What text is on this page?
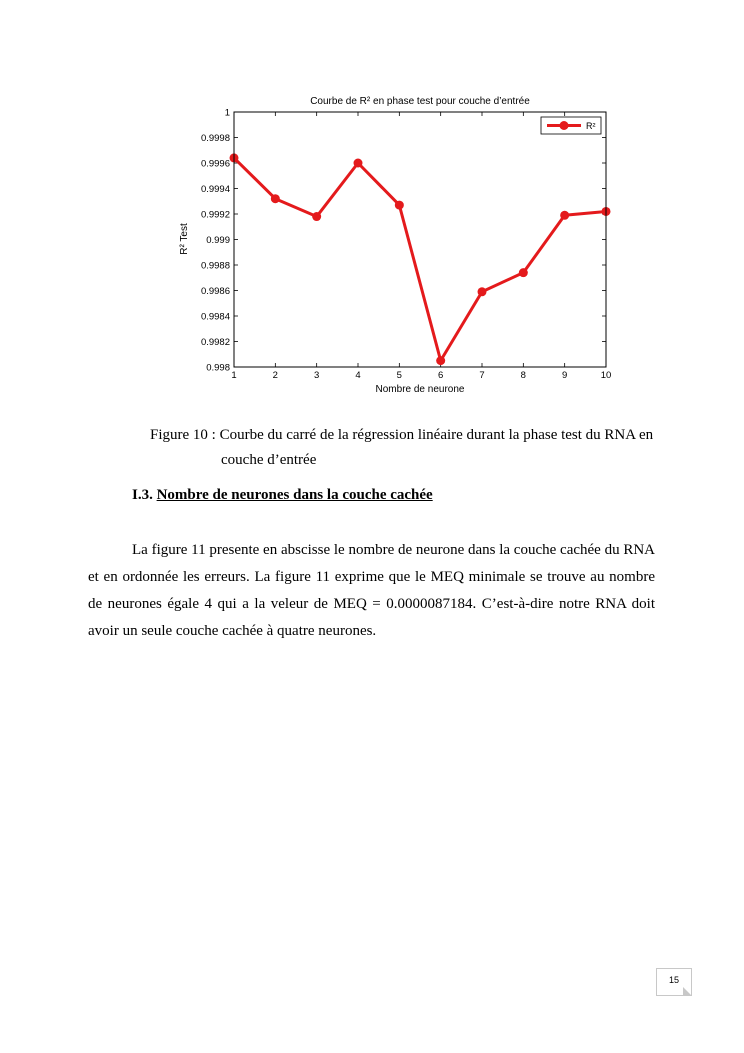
Courbe de R² en phase test pour couche d’entrée
1	2	3	4	5	6	7	8	9	10
0.998
0.9982
0.9984
0.9986
0.9988
0.999
0.9992
0.9994
0.9996
0.9998
1
Nombre de neurone
R² Test
R²
Figure 10 : Courbe du carré de la régression linéaire durant la phase test du RNA en
couche d’entrée
I.3. Nombre de neurones dans la couche cachée

La figure 11 presente en abscisse le nombre de neurone dans la couche cachée du RNA et en ordonnée les erreurs. La figure 11 exprime que le MEQ minimale se trouve au nombre de neurones égale 4 qui a la veleur de MEQ = 0.0000087184. C’est-à-dire notre RNA doit avoir un seule couche cachée à quatre neurones.

15
